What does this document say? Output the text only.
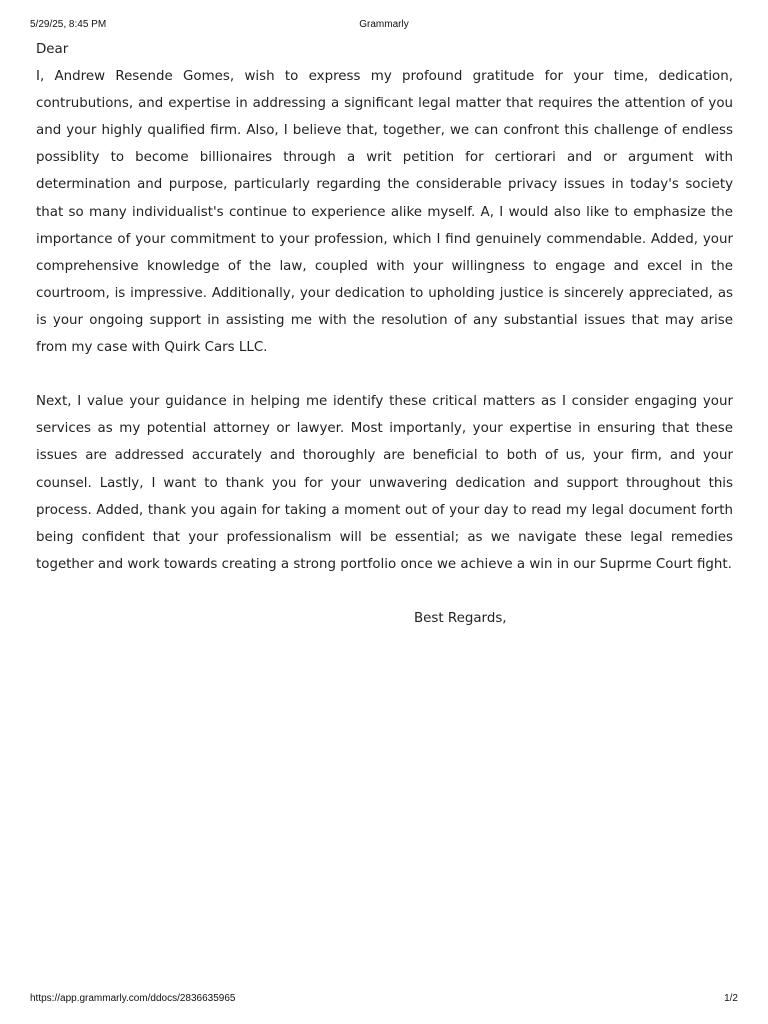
5/29/25, 8:45 PM	Grammarly

Dear

I, Andrew Resende Gomes, wish to express my profound gratitude for your time, dedication, contrubutions, and expertise in addressing a significant legal matter that requires the attention of you and your highly qualified firm. Also, I believe that, together, we can confront this challenge of endless possiblity to become billionaires through a writ petition for certiorari and or argument with determination and purpose, particularly regarding the considerable privacy issues in today's society that so many individualist's continue to experience alike myself. A, I would also like to emphasize the importance of your commitment to your profession, which I find genuinely commendable. Added, your comprehensive knowledge of the law, coupled with your willingness to engage and excel in the courtroom, is impressive. Additionally, your dedication to upholding justice is sincerely appreciated, as is your ongoing support in assisting me with the resolution of any substantial issues that may arise from my case with Quirk Cars LLC.

Next, I value your guidance in helping me identify these critical matters as I consider engaging your services as my potential attorney or lawyer. Most importanly, your expertise in ensuring that these issues are addressed accurately and thoroughly are beneficial to both of us, your firm, and your counsel. Lastly, I want to thank you for your unwavering dedication and support throughout this process. Added, thank you again for taking a moment out of your day to read my legal document forth being confident that your professionalism will be essential; as we navigate these legal remedies together and work towards creating a strong portfolio once we achieve a win in our Suprme Court fight.

Best Regards,

https://app.grammarly.com/ddocs/2836635965	1/2
